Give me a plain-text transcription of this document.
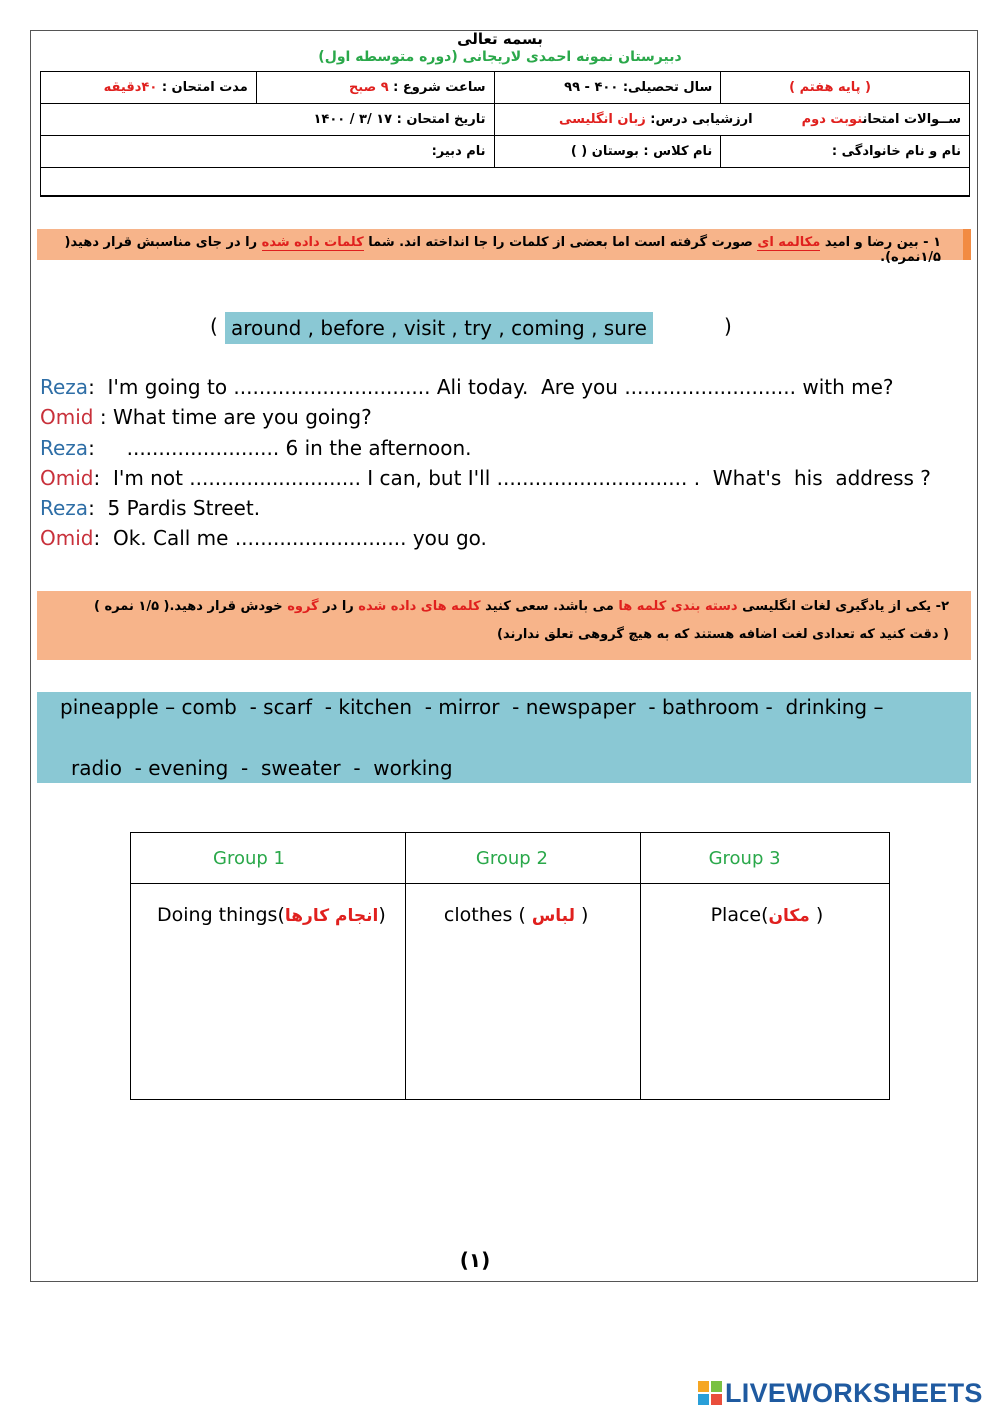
بسمه تعالی
دبیرستان نمونه احمدی لاریجانی (دوره متوسطه اول)
( پایه هفتم )	سال تحصیلی: ۴۰۰ - ۹۹	ساعت شروع : ۹ صبح	مدت امتحان : ۴۰دقیقه
ســوالات امتحاننوبت دوم  ارزشیابی درس: زبان انگلیسی		تاریخ امتحان : ۱۷ /۳ / ۱۴۰۰	
نام و نام خانوادگی :	نام کلاس : بوستان ( )	نام دبیر:	

۱ - بین رضا و امید مکالمه ای صورت گرفته است اما بعضی از کلمات را جا انداخته اند. شما کلمات داده شده را در جای مناسبش قرار دهید( ۱/۵نمره).
( around , before , visit , try , coming , sure	)
Reza:  I'm going to ............................... Ali today.  Are you ........................... with me?
Omid : What time are you going?
Reza:     ........................ 6 in the afternoon.
Omid:  I'm not ........................... I can, but I'll .............................. .  What's  his  address ?
Reza:  5 Pardis Street.
Omid:  Ok. Call me ........................... you go.
۲- یکی از یادگیری لغات انگلیسی دسته بندی کلمه ها می باشد. سعی کنید کلمه های داده شده را در گروه خودش قرار دهید.( ۱/۵ نمره )
( دقت کنید که تعدادی لغت اضافه هستند که به هیچ گروهی تعلق ندارند)
pineapple – comb  - scarf  - kitchen  - mirror  - newspaper  - bathroom -  drinking –
radio  - evening  -  sweater  -  working
Group 1	Group 2	Group 3
Doing things(انجام کارها)	clothes ( لباس )	Place(مکان )
(۱)
LIVEWORKSHEETS
